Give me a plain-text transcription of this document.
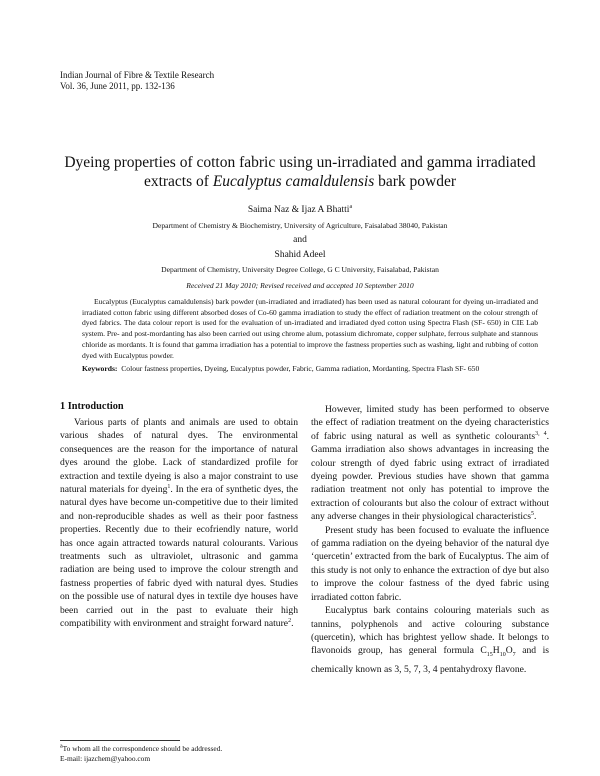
Indian Journal of Fibre & Textile Research
Vol. 36, June 2011, pp. 132-136
Dyeing properties of cotton fabric using un-irradiated and gamma irradiated
extracts of Eucalyptus camaldulensis bark powder
Saima Naz & Ijaz A Bhatti$^a$
Department of Chemistry & Biochemistry, University of Agriculture, Faisalabad 38040, Pakistan
and
Shahid Adeel
Department of Chemistry, University Degree College, G C University, Faisalabad, Pakistan
Received 21 May 2010; Revised received and accepted 10 September 2010
Eucalyptus (Eucalyptus camaldulensis) bark powder (un-irradiated and irradiated) has been used as natural colourant for dyeing un-irradiated and irradiated cotton fabric using different absorbed doses of Co-60 gamma irradiation to study the effect of radiation treatment on the colour strength of dyed fabrics. The data colour report is used for the evaluation of un-irradiated and irradiated dyed cotton using Spectra Flash (SF- 650) in CIE Lab system. Pre- and post-mordanting has also been carried out using chrome alum, potassium dichromate, copper sulphate, ferrous sulphate and stannous chloride as mordants. It is found that gamma irradiation has a potential to improve the fastness properties such as washing, light and rubbing of cotton dyed with Eucalyptus powder.
Keywords: Colour fastness properties, Dyeing, Eucalyptus powder, Fabric, Gamma radiation, Mordanting, Spectra Flash SF- 650
1 Introduction

Various parts of plants and animals are used to obtain various shades of natural dyes. The environmental consequences are the reason for the importance of natural dyes around the globe. Lack of standardized profile for extraction and textile dyeing is also a major constraint to use natural materials for dyeing$^1$. In the era of synthetic dyes, the natural dyes have become un-competitive due to their limited and non-reproducible shades as well as their poor fastness properties. Recently due to their ecofriendly nature, world has once again attracted towards natural colourants. Various treatments such as ultraviolet, ultrasonic and gamma radiation are being used to improve the colour strength and fastness properties of fabric dyed with natural dyes. Studies on the possible use of natural dyes in textile dye houses have been carried out in the past to evaluate their high compatibility with environment and straight forward nature$^2$.

However, limited study has been performed to observe the effect of radiation treatment on the dyeing characteristics of fabric using natural as well as synthetic colourants$^{3, 4}$. Gamma irradiation also shows advantages in increasing the colour strength of dyed fabric using extract of irradiated dyeing powder. Previous studies have shown that gamma radiation treatment not only has potential to improve the extraction of colourants but also the colour of extract without any adverse changes in their physiological characteristics$^5$.

Present study has been focused to evaluate the influence of gamma radiation on the dyeing behavior of the natural dye ‘quercetin’ extracted from the bark of Eucalyptus. The aim of this study is not only to enhance the extraction of dye but also to improve the colour fastness of the dyed fabric using irradiated cotton fabric.

Eucalyptus bark contains colouring materials such as tannins, polyphenols and active colouring substance (quercetin), which has brightest yellow shade. It belongs to flavonoids group, has general formula $C_{15}H_{10}O_7$ and is chemically known as 3, 5, 7, 3, 4 pentahydroxy flavone.

$^a$To whom all the correspondence should be addressed.
E-mail: ijazchem@yahoo.com
